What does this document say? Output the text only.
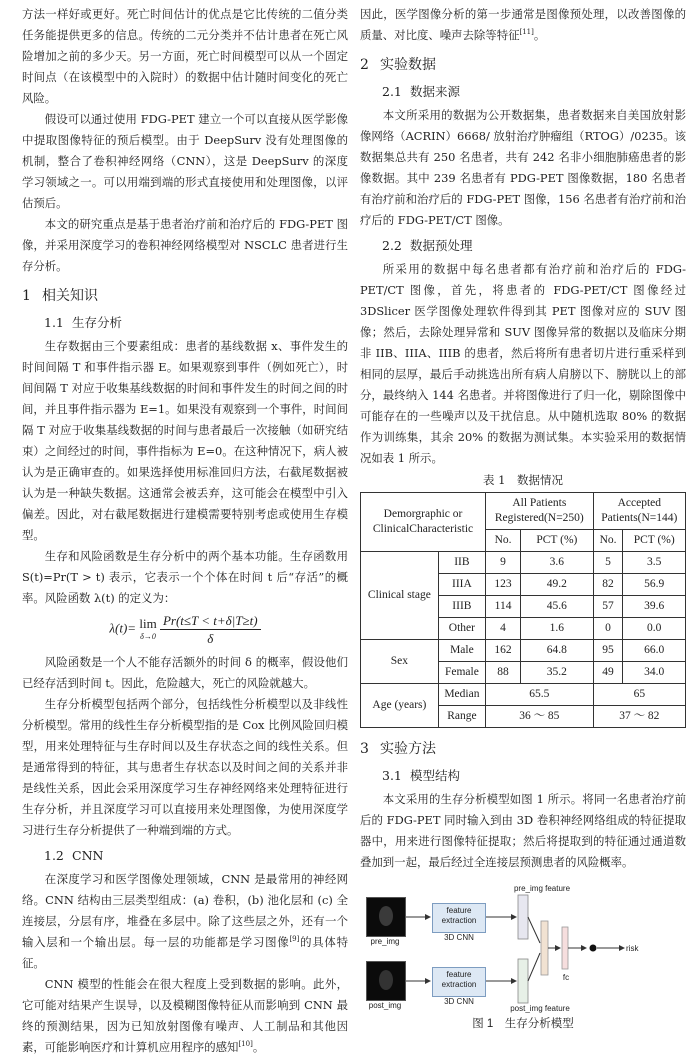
方法一样好或更好。死亡时间估计的优点是它比传统的二值分类任务能提供更多的信息。传统的二元分类并不估计患者在死亡风险增加之前的多少天。另一方面，死亡时间模型可以从一个固定时间点（在该模型中的入院时）的数据中估计随时间变化的死亡风险。

假设可以通过使用 FDG-PET 建立一个可以直接从医学影像中提取图像特征的预后模型。由于 DeepSurv 没有处理图像的机制，整合了卷积神经网络（CNN），这是 DeepSurv 的深度学习领域之一。可以用端到端的形式直接使用和处理图像，以评估预后。

本文的研究重点是基于患者治疗前和治疗后的 FDG-PET 图像，并采用深度学习的卷积神经网络模型对 NSCLC 患者进行生存分析。

1 相关知识
1.1 生存分析

生存数据由三个要素组成：患者的基线数据 x、事件发生的时间间隔 T 和事件指示器 E。如果观察到事件（例如死亡），时间间隔 T 对应于收集基线数据的时间和事件发生的时间之间的时间，并且事件指示器为 E=1。如果没有观察到一个事件，时间间隔 T 对应于收集基线数据的时间与患者最后一次接触（如研究结束）之间经过的时间，事件指标为 E=0。在这种情况下，病人被认为是正确审查的。如果选择使用标准回归方法，右截尾数据被认为是一种缺失数据。这通常会被丢弃，这可能会在模型中引入偏差。因此，对右截尾数据进行建模需要特别考虑或使用生存模型。

生存和风险函数是生存分析中的两个基本功能。生存函数用 S(t)=Pr(T > t) 表示，它表示一个个体在时间 t 后“存活”的概率。风险函数 λ(t) 的定义为：

λ(t)= lim
$\delta\to 0 \frac{Pr(t\le T < t+\delta|T\ge t)}{\delta}$

风险函数是一个人不能存活额外的时间 δ 的概率，假设他们已经存活到时间 t。因此，危险越大，死亡的风险就越大。

生存分析模型包括两个部分，包括线性分析模型以及非线性分析模型。常用的线性生存分析模型指的是 Cox 比例风险回归模型，用来处理特征与生存时间以及生存状态之间的线性关系。但是通常得到的特征，其与患者生存状态以及时间之间的关系并非是线性关系，因此会采用深度学习生存神经网络来处理特征进行生存分析，并且深度学习可以直接用来处理图像，为使用深度学习进行生存分析提供了一种端到端的方式。

1.2 CNN

在深度学习和医学图像处理领域，CNN 是最常用的神经网络。CNN 结构由三层类型组成：(a) 卷积，(b) 池化层和 (c) 全连接层，分层有序，堆叠在多层中。除了这些层之外，还有一个输入层和一个输出层。每一层的功能都是学习图像[9]的具体特征。

CNN 模型的性能会在很大程度上受到数据的影响。此外，它可能对结果产生误导，以及模糊图像特征从而影响到 CNN 最终的预测结果，因为已知放射图像有噪声、人工制品和其他因素，可能影响医疗和计算机应用程序的感知[10]。

因此，医学图像分析的第一步通常是图像预处理，以改善图像的质量、对比度、噪声去除等特征[11]。

2 实验数据
2.1 数据来源

本文所采用的数据为公开数据集，患者数据来自美国放射影像网络（ACRIN）6668/ 放射治疗肿瘤组（RTOG）/0235。该数据集总共有 250 名患者，共有 242 名非小细胞肺癌患者的影像数据。其中 239 名患者有 PDG-PET 图像数据，180 名患者有治疗前和治疗后的 FDG-PET 图像，156 名患者有治疗前和治疗后的 FDG-PET/CT 图像。

2.2 数据预处理

所采用的数据中每名患者都有治疗前和治疗后的 FDG-PET/CT 图像，首先，将患者的 FDG-PET/CT 图像经过 3DSlicer 医学图像处理软件得到其 PET 图像对应的 SUV 图像；然后，去除处理异常和 SUV 图像异常的数据以及临床分期非 IIB、IIIA、IIIB 的患者，然后将所有患者切片进行重采样到相同的层厚，最后手动挑选出所有病人肩膀以下、膀胱以上的部分，最终纳入 144 名患者。并将图像进行了归一化，剔除图像中可能存在的一些噪声以及干扰信息。从中随机选取 80% 的数据作为训练集，其余 20% 的数据为测试集。本实验采用的数据情况如表 1 所示。

表 1　数据情况
Demorgraphic or ClinicalCharacteristic		All Patients Registered(N=250)		Accepted Patients(N=144)	
		No.	PCT (%)	No.	PCT (%)
Clinical stage	IIB	9	3.6	5	3.5
	IIIA	123	49.2	82	56.9
	IIIB	114	45.6	57	39.6
	Other	4	1.6	0	0.0
Sex	Male	162	64.8	95	66.0
	Female	88	35.2	49	34.0
Age (years)	Median	65.5		65	
	Range	36 ～ 85		37 ～ 82	
3 实验方法
3.1 模型结构

本文采用的生存分析模型如图 1 所示。将同一名患者治疗前后的 FDG-PET 同时输入到由 3D 卷积神经网络组成的特征提取器中，用来进行图像特征提取；然后将提取到的特征通过通道数叠加到一起，最后经过全连接层预测患者的风险概率。

pre_img
post_img
feature extraction
3D CNN
feature extraction
3D CNN
pre_img feature
post_img feature
fc
risk
图 1　生存分析模型
